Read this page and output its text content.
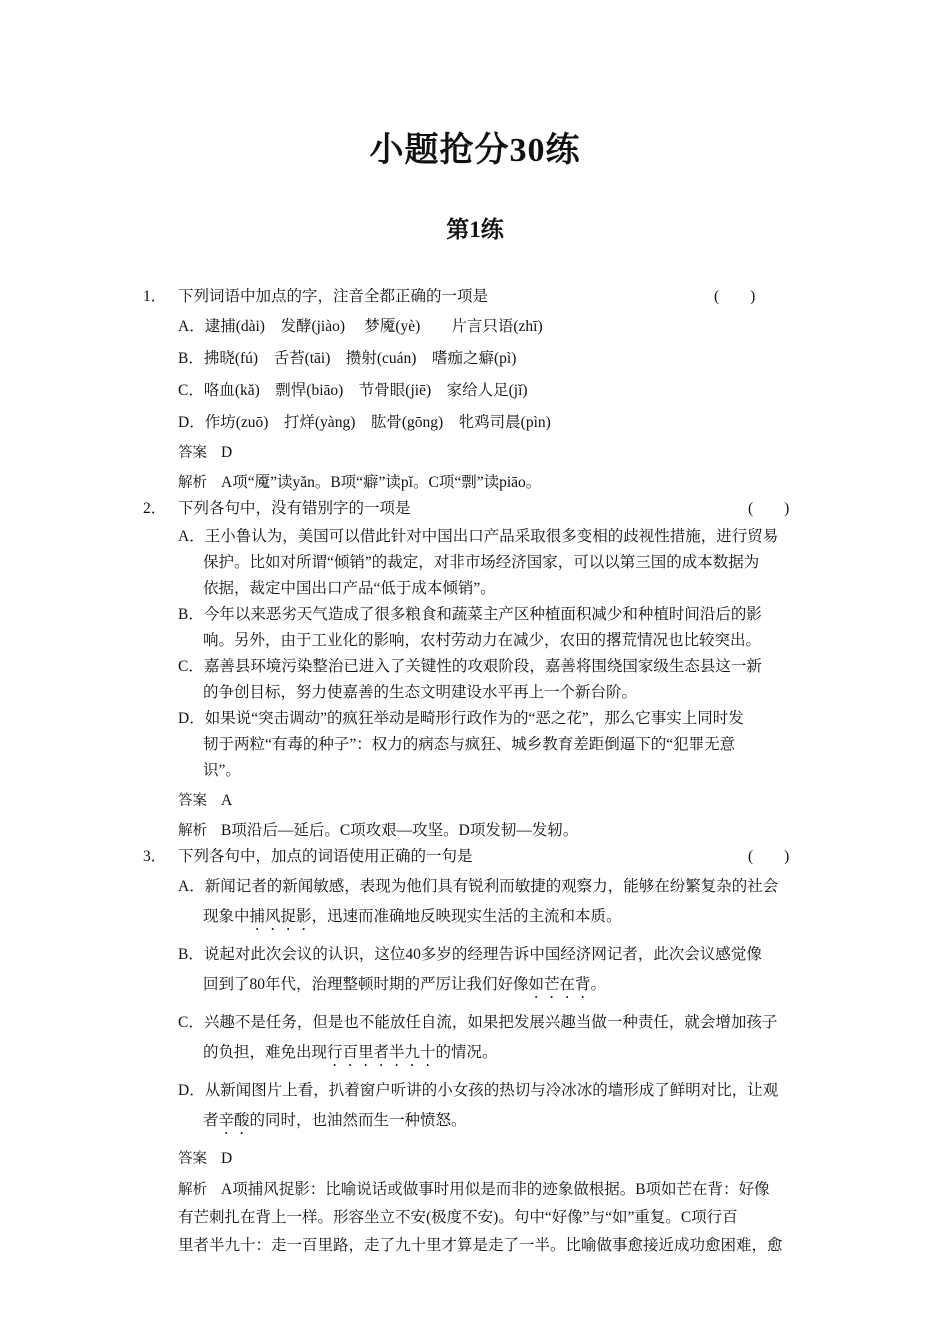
小题抢分30练
第1练
1． 下列词语中加点的字，注音全都正确的一项是	(　　)
A．逮捕(dài)　发酵(jiào)　 梦魇(yè)　　片言只语(zhī)
B．拂晓(fú)　舌苔(tāi)　攒射(cuán)　嗜痂之癖(pì)
C．咯血(kǎ)　剽悍(biāo)　节骨眼(jiē)　家给人足(jǐ)
D．作坊(zuō)　打烊(yàng)　肱骨(gōng)　牝鸡司晨(pìn)
答案 D
解析 A项“魇”读yǎn。B项“癖”读pǐ。C项“剽”读piāo。
2． 下列各句中，没有错别字的一项是	(　　)
A．王小鲁认为，美国可以借此针对中国出口产品采取很多变相的歧视性措施，进行贸易
保护。比如对所谓“倾销”的裁定，对非市场经济国家，可以以第三国的成本数据为
依据，裁定中国出口产品“低于成本倾销”。
B．今年以来恶劣天气造成了很多粮食和蔬菜主产区种植面积减少和种植时间沿后的影
响。另外，由于工业化的影响，农村劳动力在减少，农田的撂荒情况也比较突出。
C．嘉善县环境污染整治已进入了关键性的攻艰阶段，嘉善将围绕国家级生态县这一新
的争创目标，努力使嘉善的生态文明建设水平再上一个新台阶。
D．如果说“突击调动”的疯狂举动是畸形行政作为的“恶之花”，那么它事实上同时发
韧于两粒“有毒的种子”：权力的病态与疯狂、城乡教育差距倒逼下的“犯罪无意
识”。
答案 A
解析 B项沿后—延后。C项攻艰—攻坚。D项发韧—发轫。
3． 下列各句中，加点的词语使用正确的一句是	(　　)
A．新闻记者的新闻敏感，表现为他们具有锐利而敏捷的观察力，能够在纷繁复杂的社会
现象中捕风捉影，迅速而准确地反映现实生活的主流和本质。
B．说起对此次会议的认识，这位40多岁的经理告诉中国经济网记者，此次会议感觉像
回到了80年代，治理整顿时期的严厉让我们好像如芒在背。
C．兴趣不是任务，但是也不能放任自流，如果把发展兴趣当做一种责任，就会增加孩子
的负担，难免出现行百里者半九十的情况。
D．从新闻图片上看，扒着窗户听讲的小女孩的热切与冷冰冰的墙形成了鲜明对比，让观
者辛酸的同时，也油然而生一种愤怒。
答案 D
解析 A项捕风捉影：比喻说话或做事时用似是而非的迹象做根据。B项如芒在背：好像
有芒刺扎在背上一样。形容坐立不安(极度不安)。句中“好像”与“如”重复。C项行百
里者半九十：走一百里路，走了九十里才算是走了一半。比喻做事愈接近成功愈困难，愈
